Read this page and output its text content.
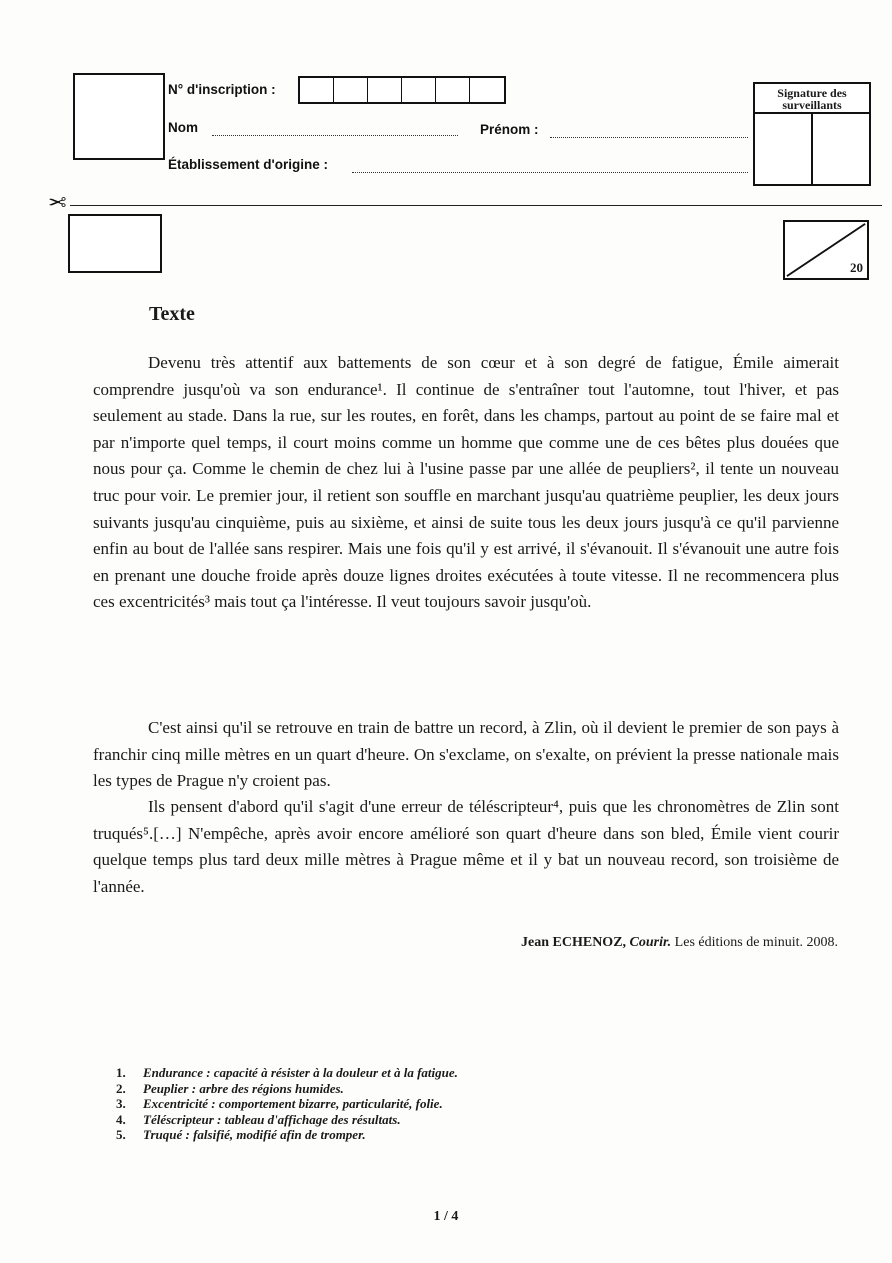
N° d'inscription :
Nom	Prénom :
Établissement d'origine :
Signature des surveillants
✂
20
Texte

Devenu très attentif aux battements de son cœur et à son degré de fatigue, Émile aimerait comprendre jusqu'où va son endurance¹. Il continue de s'entraîner tout l'automne, tout l'hiver, et pas seulement au stade. Dans la rue, sur les routes, en forêt, dans les champs, partout au point de se faire mal et par n'importe quel temps, il court moins comme un homme que comme une de ces bêtes plus douées que nous pour ça. Comme le chemin de chez lui à l'usine passe par une allée de peupliers², il tente un nouveau truc pour voir. Le premier jour, il retient son souffle en marchant jusqu'au quatrième peuplier, les deux jours suivants jusqu'au cinquième, puis au sixième, et ainsi de suite tous les deux jours jusqu'à ce qu'il parvienne enfin au bout de l'allée sans respirer. Mais une fois qu'il y est arrivé, il s'évanouit. Il s'évanouit une autre fois en prenant une douche froide après douze lignes droites exécutées à toute vitesse. Il ne recommencera plus ces excentricités³ mais tout ça l'intéresse. Il veut toujours savoir jusqu'où.

C'est ainsi qu'il se retrouve en train de battre un record, à Zlin, où il devient le premier de son pays à franchir cinq mille mètres en un quart d'heure. On s'exclame, on s'exalte, on prévient la presse nationale mais les types de Prague n'y croient pas.

Ils pensent d'abord qu'il s'agit d'une erreur de téléscripteur⁴, puis que les chronomètres de Zlin sont truqués⁵.[…] N'empêche, après avoir encore amélioré son quart d'heure dans son bled, Émile vient courir quelque temps plus tard deux mille mètres à Prague même et il y bat un nouveau record, son troisième de l'année.

Jean ECHENOZ, Courir. Les éditions de minuit. 2008.
1. Endurance : capacité à résister à la douleur et à la fatigue.
2. Peuplier : arbre des régions humides.
3. Excentricité : comportement bizarre, particularité, folie.
4. Téléscripteur : tableau d'affichage des résultats.
5. Truqué : falsifié, modifié afin de tromper.
1 / 4
